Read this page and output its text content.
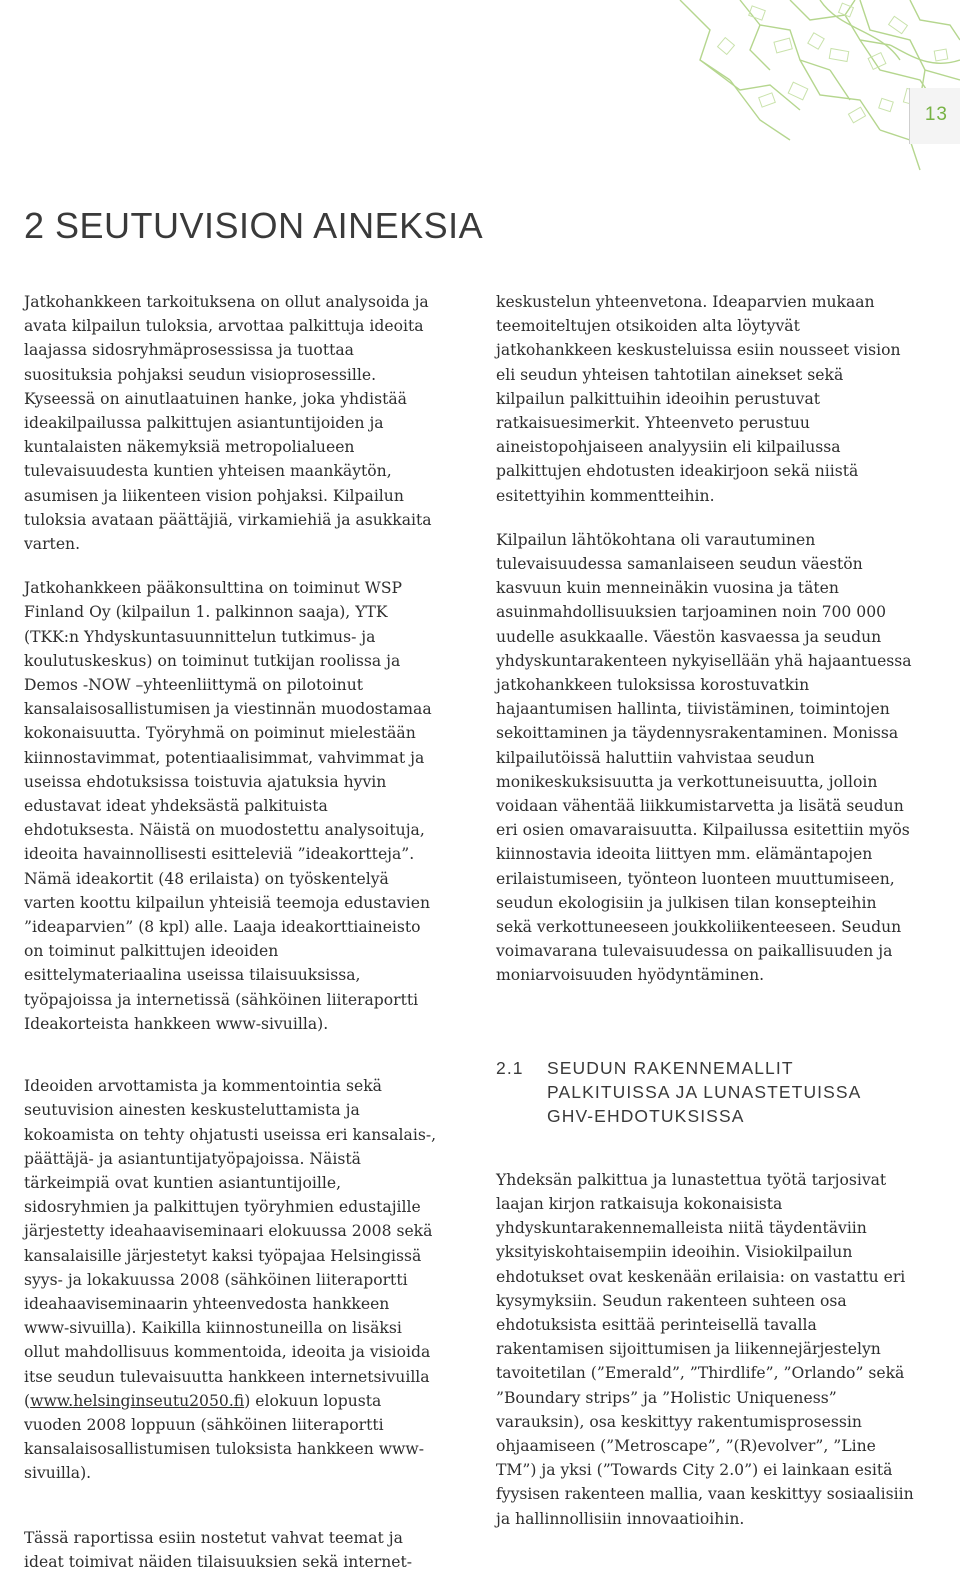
13
2 SEUTUVISION AINEKSIA

Jatkohankkeen tarkoituksena on ollut analysoida ja avata kilpailun tuloksia, arvottaa palkittuja ideoita laajassa sidosryhmäprosessissa ja tuottaa suosituksia pohjaksi seudun visioprosessille. Kyseessä on ainutlaatuinen hanke, joka yhdistää ideakilpailussa palkittujen asiantuntijoiden ja kuntalaisten näkemyksiä metropolialueen tulevaisuudesta kuntien yhteisen maankäytön, asumisen ja liikenteen vision pohjaksi. Kilpailun tuloksia avataan päättäjiä, virkamiehiä ja asukkaita varten.

Jatkohankkeen pääkonsulttina on toiminut WSP Finland Oy (kilpailun 1. palkinnon saaja), YTK (TKK:n Yhdyskuntasuunnittelun tutkimus- ja koulutuskeskus) on toiminut tutkijan roolissa ja Demos -NOW –yhteenliittymä on pilotoinut kansalaisosallistumisen ja viestinnän muodostamaa kokonaisuutta. Työryhmä on poiminut mielestään kiinnostavimmat, potentiaalisimmat, vahvimmat ja useissa ehdotuksissa toistuvia ajatuksia hyvin edustavat ideat yhdeksästä palkituista ehdotuksesta. Näistä on muodostettu analysoituja, ideoita havainnollisesti esitteleviä ”ideakortteja”. Nämä ideakortit (48 erilaista) on työskentelyä varten koottu kilpailun yhteisiä teemoja edustavien ”ideaparvien” (8 kpl) alle. Laaja ideakorttiaineisto on toiminut palkittujen ideoiden esittelymateriaalina useissa tilaisuuksissa, työpajoissa ja internetissä (sähköinen liiteraportti Ideakorteista hankkeen www-sivuilla).

Ideoiden arvottamista ja kommentointia sekä seutuvision ainesten keskusteluttamista ja kokoamista on tehty ohjatusti useissa eri kansalais-, päättäjä- ja asiantuntijatyöpajoissa. Näistä tärkeimpiä ovat kuntien asiantuntijoille, sidosryhmien ja palkittujen työryhmien edustajille järjestetty ideahaaviseminaari elokuussa 2008 sekä kansalaisille järjestetyt kaksi työpajaa Helsingissä syys- ja lokakuussa 2008 (sähköinen liiteraportti ideahaaviseminaarin yhteenvedosta hankkeen www-sivuilla). Kaikilla kiinnostuneilla on lisäksi ollut mahdollisuus kommentoida, ideoita ja visioida itse seudun tulevaisuutta hankkeen internetsivuilla (www.helsinginseutu2050.fi) elokuun lopusta vuoden 2008 loppuun (sähköinen liiteraportti kansalaisosallistumisen tuloksista hankkeen www-sivuilla).

Tässä raportissa esiin nostetut vahvat teemat ja ideat toimivat näiden tilaisuuksien sekä internet-

keskustelun yhteenvetona. Ideaparvien mukaan teemoiteltujen otsikoiden alta löytyvät jatkohankkeen keskusteluissa esiin nousseet vision eli seudun yhteisen tahtotilan ainekset sekä kilpailun palkittuihin ideoihin perustuvat ratkaisuesimerkit. Yhteenveto perustuu aineistopohjaiseen analyysiin eli kilpailussa palkittujen ehdotusten ideakirjoon sekä niistä esitettyihin kommentteihin.

Kilpailun lähtökohtana oli varautuminen tulevaisuudessa samanlaiseen seudun väestön kasvuun kuin menneinäkin vuosina ja täten asuinmahdollisuuksien tarjoaminen noin 700 000 uudelle asukkaalle. Väestön kasvaessa ja seudun yhdyskuntarakenteen nykyisellään yhä hajaantuessa jatkohankkeen tuloksissa korostuvatkin hajaantumisen hallinta, tiivistäminen, toimintojen sekoittaminen ja täydennysrakentaminen. Monissa kilpailutöissä haluttiin vahvistaa seudun monikeskuksisuutta ja verkottuneisuutta, jolloin voidaan vähentää liikkumistarvetta ja lisätä seudun eri osien omavaraisuutta. Kilpailussa esitettiin myös kiinnostavia ideoita liittyen mm. elämäntapojen erilaistumiseen, työnteon luonteen muuttumiseen, seudun ekologisiin ja julkisen tilan konsepteihin sekä verkottuneeseen joukkoliikenteeseen. Seudun voimavarana tulevaisuudessa on paikallisuuden ja moniarvoisuuden hyödyntäminen.

2.1	SEUDUN RAKENNEMALLIT
PALKITUISSA JA LUNASTETUISSA
GHV-EHDOTUKSISSA

Yhdeksän palkittua ja lunastettua työtä tarjosivat laajan kirjon ratkaisuja kokonaisista yhdyskuntarakennemalleista niitä täydentäviin yksityiskohtaisempiin ideoihin. Visiokilpailun ehdotukset ovat keskenään erilaisia: on vastattu eri kysymyksiin. Seudun rakenteen suhteen osa ehdotuksista esittää perinteisellä tavalla rakentamisen sijoittumisen ja liikennejärjestelyn tavoitetilan (”Emerald”, ”Thirdlife”, ”Orlando” sekä ”Boundary strips” ja ”Holistic Uniqueness” varauksin), osa keskittyy rakentumisprosessin ohjaamiseen (”Metroscape”, ”(R)evolver”, ”Line TM”) ja yksi (”Towards City 2.0”) ei lainkaan esitä fyysisen rakenteen mallia, vaan keskittyy sosiaalisiin ja hallinnollisiin innovaatioihin.
